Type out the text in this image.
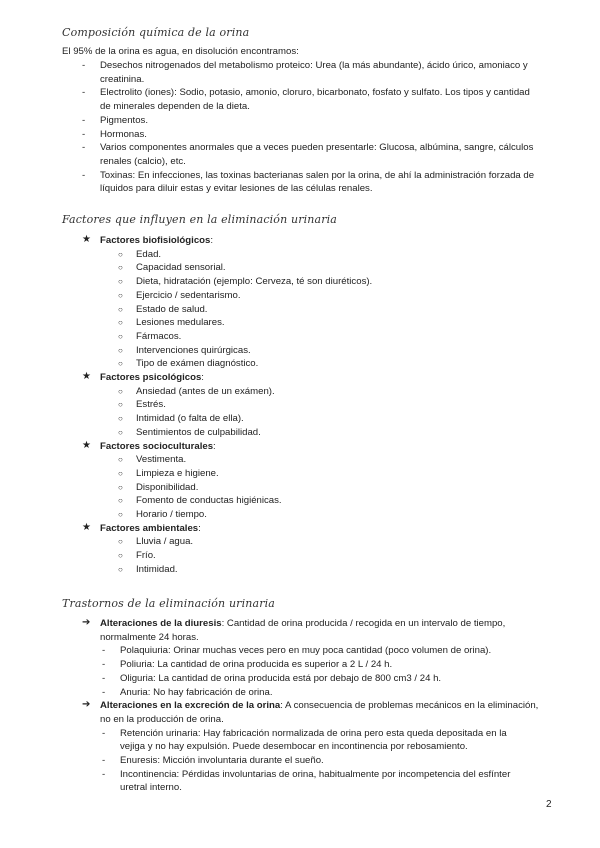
Composición química de la orina
El 95% de la orina es agua, en disolución encontramos:
- Desechos nitrogenados del metabolismo proteico: Urea (la más abundante), ácido úrico, amoniaco y
creatinina.
- Electrolito (iones): Sodio, potasio, amonio, cloruro, bicarbonato, fosfato y sulfato. Los tipos y cantidad
de minerales dependen de la dieta.
- Pigmentos.
- Hormonas.
- Varios componentes anormales que a veces pueden presentarle: Glucosa, albúmina, sangre, cálculos
renales (calcio), etc.
- Toxinas: En infecciones, las toxinas bacterianas salen por la orina, de ahí la administración forzada de
líquidos para diluir estas y evitar lesiones de las células renales.
Factores que influyen en la eliminación urinaria
★ Factores biofisiológicos:
○ Edad.
○ Capacidad sensorial.
○ Dieta, hidratación (ejemplo: Cerveza, té son diuréticos).
○ Ejercicio / sedentarismo.
○ Estado de salud.
○ Lesiones medulares.
○ Fármacos.
○ Intervenciones quirúrgicas.
○ Tipo de exámen diagnóstico.
★ Factores psicológicos:
○ Ansiedad (antes de un exámen).
○ Estrés.
○ Intimidad (o falta de ella).
○ Sentimientos de culpabilidad.
★ Factores socioculturales:
○ Vestimenta.
○ Limpieza e higiene.
○ Disponibilidad.
○ Fomento de conductas higiénicas.
○ Horario / tiempo.
★ Factores ambientales:
○ Lluvia / agua.
○ Frío.
○ Intimidad.
Trastornos de la eliminación urinaria
➔ Alteraciones de la diuresis: Cantidad de orina producida / recogida en un intervalo de tiempo,
normalmente 24 horas.
- Polaquiuria: Orinar muchas veces pero en muy poca cantidad (poco volumen de orina).
- Poliuria: La cantidad de orina producida es superior a 2 L / 24 h.
- Oliguria: La cantidad de orina producida está por debajo de 800 cm3 / 24 h.
- Anuria: No hay fabricación de orina.
➔ Alteraciones en la excreción de la orina: A consecuencia de problemas mecánicos en la eliminación,
no en la producción de orina.
- Retención urinaria: Hay fabricación normalizada de orina pero esta queda depositada en la
vejiga y no hay expulsión. Puede desembocar en incontinencia por rebosamiento.
- Enuresis: Micción involuntaria durante el sueño.
- Incontinencia: Pérdidas involuntarias de orina, habitualmente por incompetencia del esfínter
uretral interno.
2
